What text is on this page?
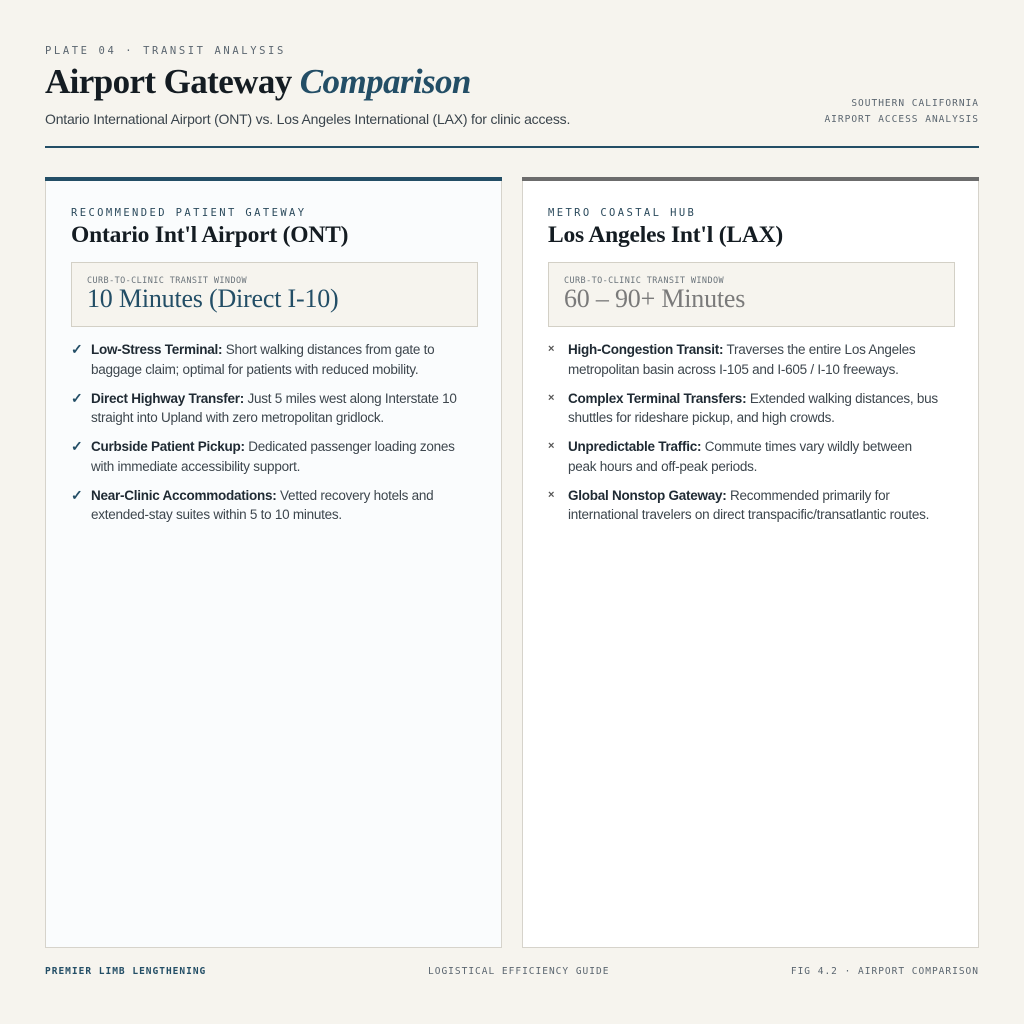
PLATE 04 · TRANSIT ANALYSIS
Airport Gateway Comparison
Ontario International Airport (ONT) vs. Los Angeles International (LAX) for clinic access.
SOUTHERN CALIFORNIA
AIRPORT ACCESS ANALYSIS
RECOMMENDED PATIENT GATEWAY
Ontario Int'l Airport (ONT)
CURB-TO-CLINIC TRANSIT WINDOW
10 Minutes (Direct I-10)
✓ Low-Stress Terminal: Short walking distances from gate to baggage claim; optimal for patients with reduced mobility.
✓ Direct Highway Transfer: Just 5 miles west along Interstate 10 straight into Upland with zero metropolitan gridlock.
✓ Curbside Patient Pickup: Dedicated passenger loading zones with immediate accessibility support.
✓ Near-Clinic Accommodations: Vetted recovery hotels and extended-stay suites within 5 to 10 minutes.
METRO COASTAL HUB
Los Angeles Int'l (LAX)
CURB-TO-CLINIC TRANSIT WINDOW
60 – 90+ Minutes
×	High-Congestion Transit: Traverses the entire Los Angeles metropolitan basin across I-105 and I-605 / I-10 freeways.
×	Complex Terminal Transfers: Extended walking distances, bus shuttles for rideshare pickup, and high crowds.
×	Unpredictable Traffic: Commute times vary wildly between peak hours and off-peak periods.
×	Global Nonstop Gateway: Recommended primarily for international travelers on direct transpacific/transatlantic routes.
PREMIER LIMB LENGTHENING	LOGISTICAL EFFICIENCY GUIDE	FIG 4.2 · AIRPORT COMPARISON
